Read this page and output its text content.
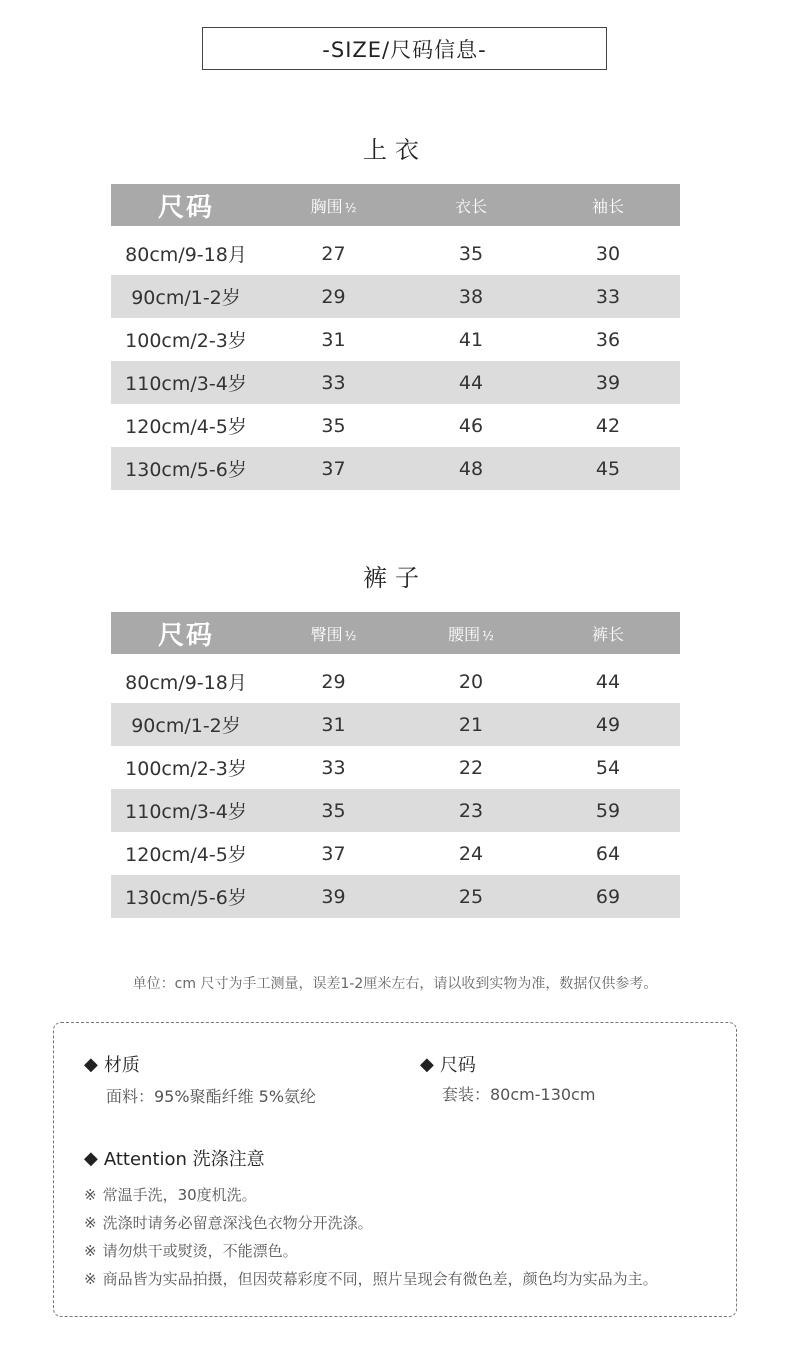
-SIZE/尺码信息-
上衣
尺码	胸围 ½	衣长	袖长

80cm/9-18月	27	35	30
90cm/1-2岁	29	38	33
100cm/2-3岁	31	41	36
110cm/3-4岁	33	44	39
120cm/4-5岁	35	46	42
130cm/5-6岁	37	48	45
裤子
尺码	臀围 ½	腰围 ½	裤长

80cm/9-18月	29	20	44
90cm/1-2岁	31	21	49
100cm/2-3岁	33	22	54
110cm/3-4岁	35	23	59
120cm/4-5岁	37	24	64
130cm/5-6岁	39	25	69
单位：cm 尺寸为手工测量，误差1-2厘米左右，请以收到实物为准，数据仅供参考。
◆ 材质
面料：95%聚酯纤维 5%氨纶
◆ 尺码
套装：80cm-130cm
◆ Attention 洗涤注意
※ 常温手洗，30度机洗。
※ 洗涤时请务必留意深浅色衣物分开洗涤。
※ 请勿烘干或熨烫，不能漂色。
※ 商品皆为实品拍摄，但因荧幕彩度不同，照片呈现会有微色差，颜色均为实品为主。
